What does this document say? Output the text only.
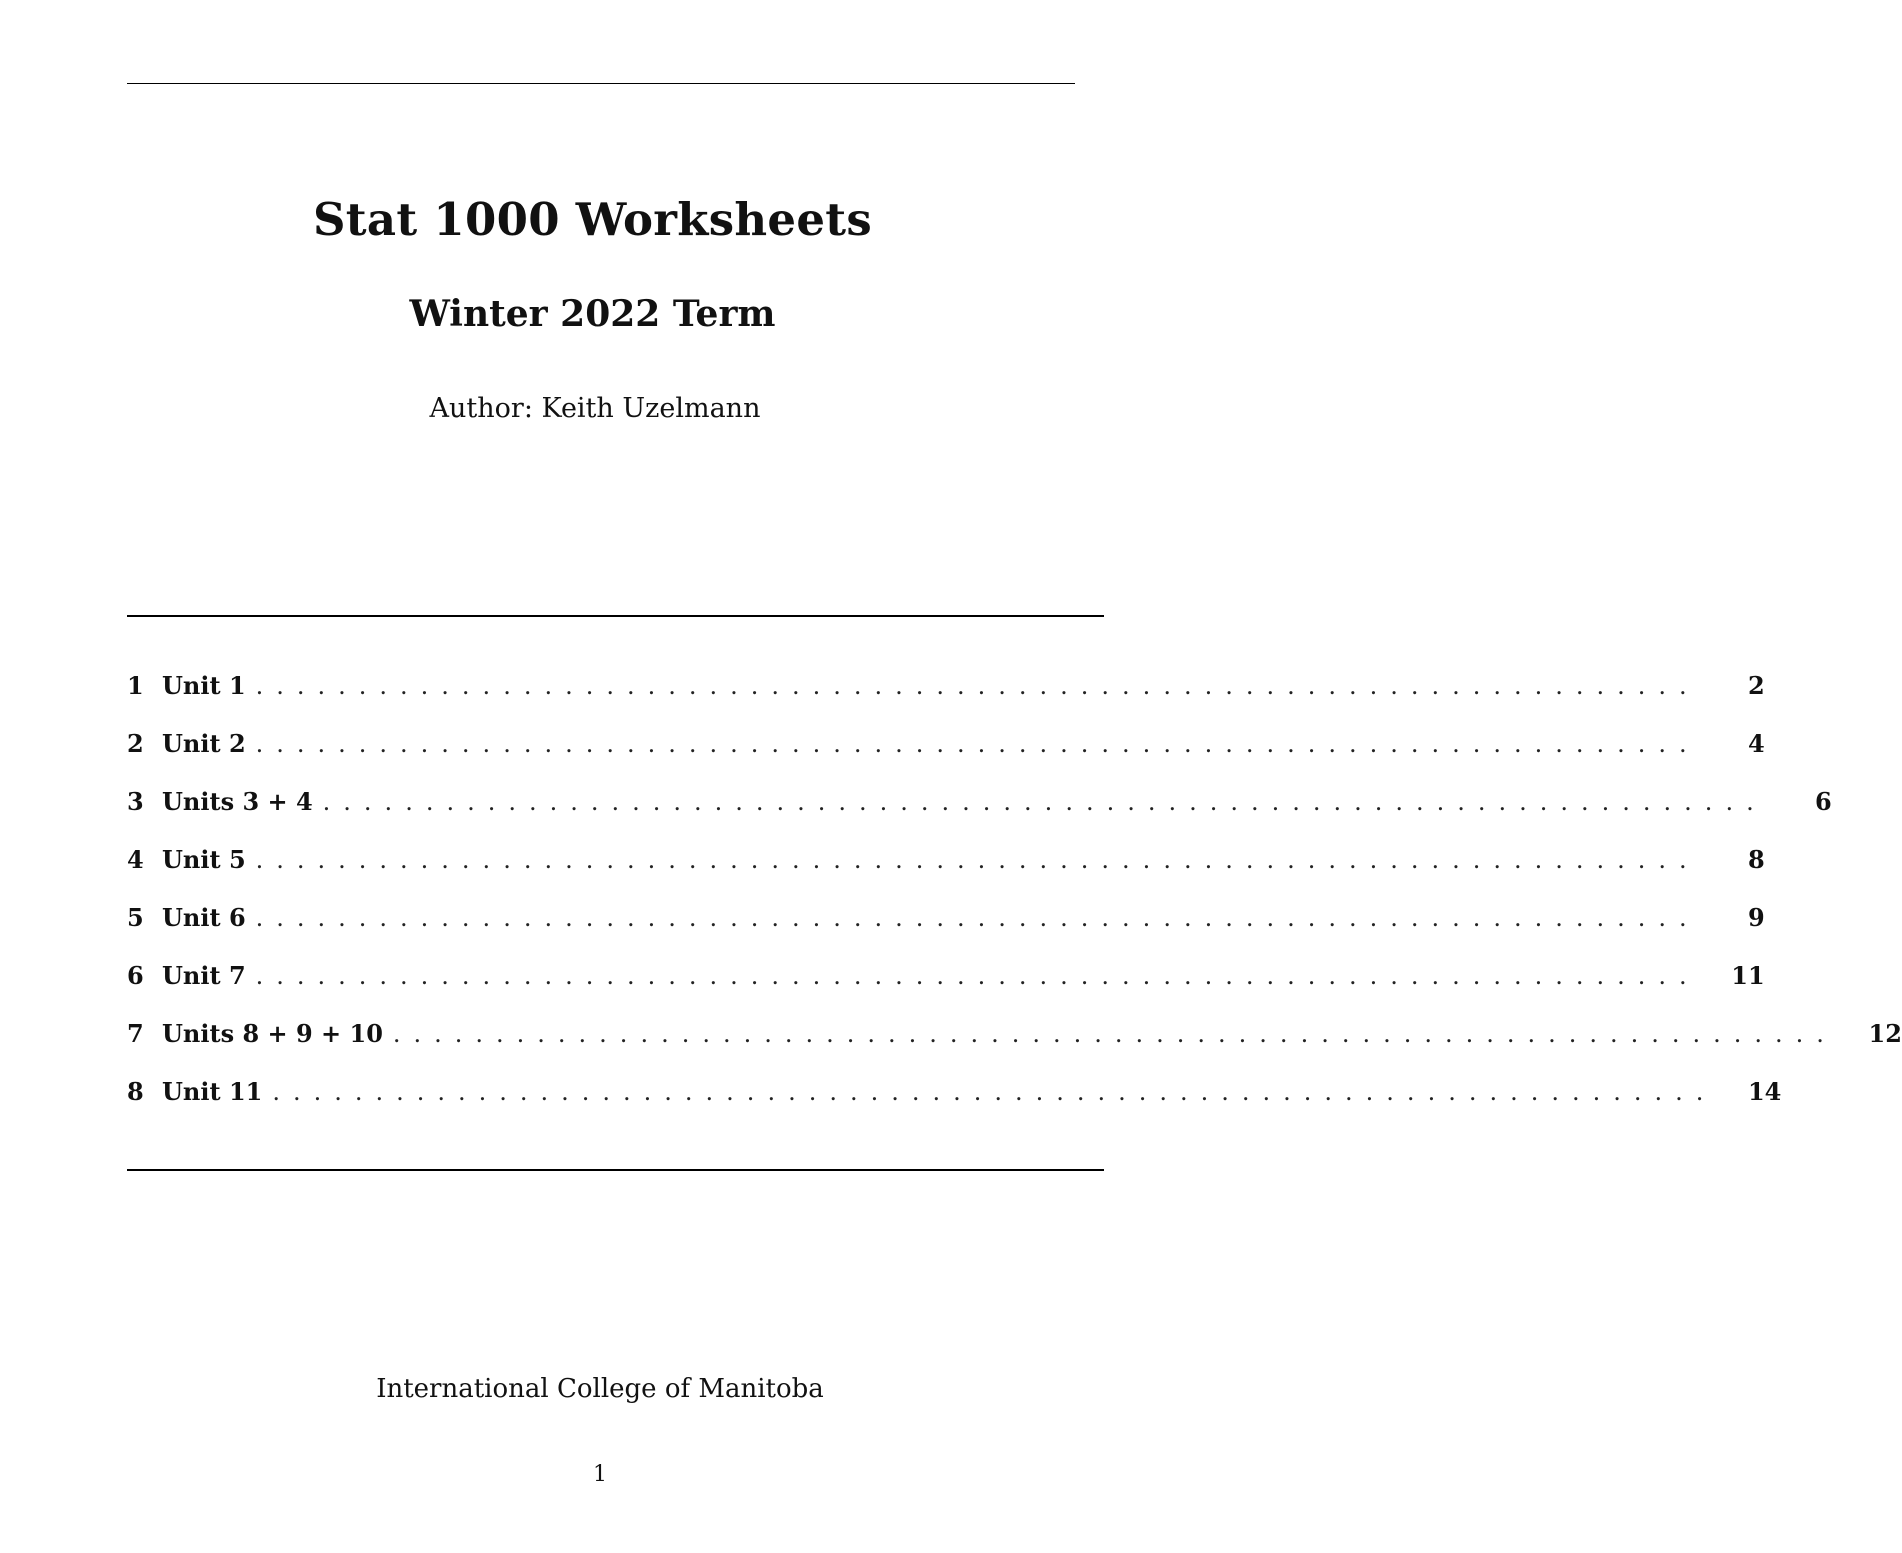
Stat 1000 Worksheets
Winter 2022 Term
Author: Keith Uzelmann
1 Unit 1 ......................................................................	2
2 Unit 2 ......................................................................	4
3 Units 3 + 4 ......................................................................	6
4 Unit 5 ......................................................................	8
5 Unit 6 ......................................................................	9
6 Unit 7 ......................................................................	11
7 Units 8 + 9 + 10 ......................................................................	12
8 Unit 11 ......................................................................	14
International College of Manitoba
1
